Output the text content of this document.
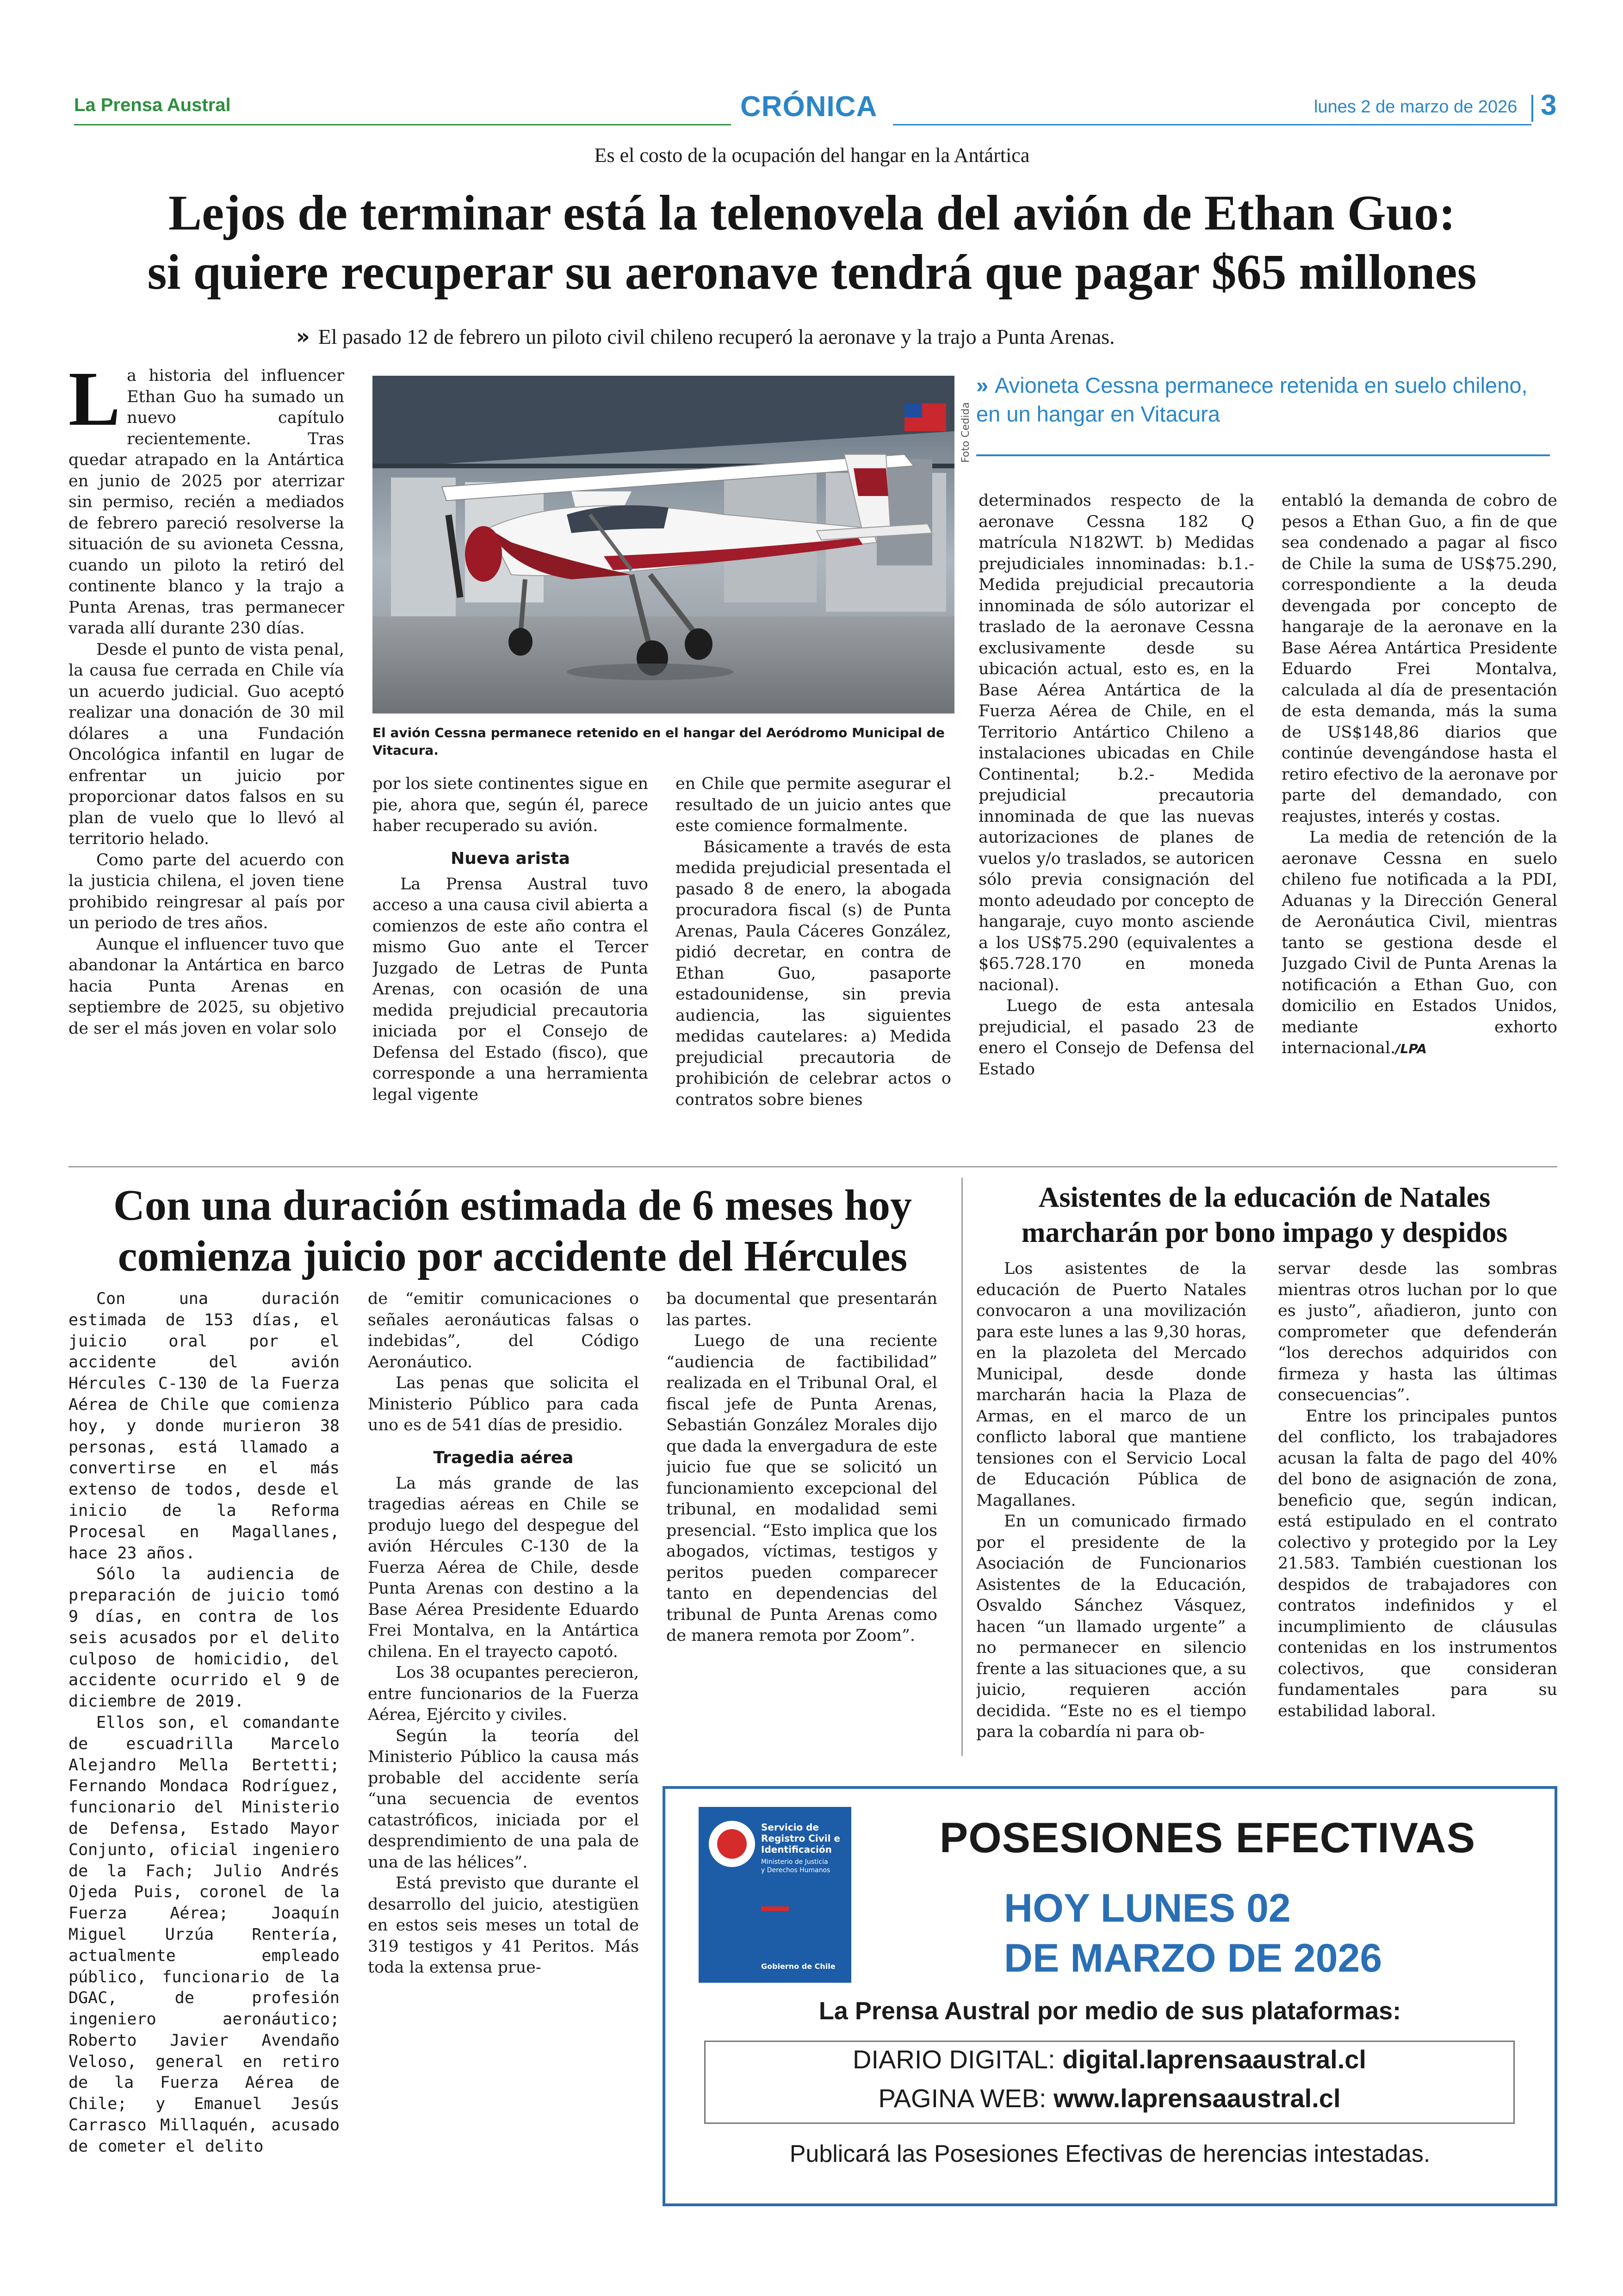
La Prensa Austral	CRÓNICA	lunes 2 de marzo de 2026 3
Es el costo de la ocupación del hangar en la Antártica
Lejos de terminar está la telenovela del avión de Ethan Guo:
si quiere recuperar su aeronave tendrá que pagar $65 millones
» El pasado 12 de febrero un piloto civil chileno recuperó la aeronave y la trajo a Punta Arenas.
L a historia del influencer Ethan Guo ha sumado un nuevo capítulo recientemente. Tras quedar atrapado en la Antártica en junio de 2025 por aterrizar sin permiso, recién a mediados de febrero pareció resolverse la situación de su avioneta Cessna, cuando un piloto la retiró del continente blanco y la trajo a Punta Arenas, tras permanecer varada allí durante 230 días.

Desde el punto de vista penal, la causa fue cerrada en Chile vía un acuerdo judicial. Guo aceptó realizar una donación de 30 mil dólares a una Fundación Oncológica infantil en lugar de enfrentar un juicio por proporcionar datos falsos en su plan de vuelo que lo llevó al territorio helado.

Como parte del acuerdo con la justicia chilena, el joven tiene prohibido reingresar al país por un periodo de tres años.

Aunque el influencer tuvo que abandonar la Antártica en barco hacia Punta Arenas en septiembre de 2025, su objetivo de ser el más joven en volar solo

Foto Cedida
El avión Cessna permanece retenido en el hangar del Aeródromo Municipal de Vitacura.
» Avioneta Cessna permanece retenida en suelo chileno, en un hangar en Vitacura

por los siete continentes sigue en pie, ahora que, según él, parece haber recuperado su avión.

Nueva arista

La Prensa Austral tuvo acceso a una causa civil abierta a comienzos de este año contra el mismo Guo ante el Tercer Juzgado de Letras de Punta Arenas, con ocasión de una medida prejudicial precautoria iniciada por el Consejo de Defensa del Estado (fisco), que corresponde a una herramienta legal vigente

en Chile que permite asegurar el resultado de un juicio antes que este comience formalmente.

Básicamente a través de esta medida prejudicial presentada el pasado 8 de enero, la abogada procuradora fiscal (s) de Punta Arenas, Paula Cáceres González, pidió decretar, en contra de Ethan Guo, pasaporte estadounidense, sin previa audiencia, las siguientes medidas cautelares: a) Medida prejudicial precautoria de prohibición de celebrar actos o contratos sobre bienes

determinados respecto de la aeronave Cessna 182 Q matrícula N182WT. b) Medidas prejudiciales innominadas: b.1.- Medida prejudicial precautoria innominada de sólo autorizar el traslado de la aeronave Cessna exclusivamente desde su ubicación actual, esto es, en la Base Aérea Antártica de la Fuerza Aérea de Chile, en el Territorio Antártico Chileno a instalaciones ubicadas en Chile Continental; b.2.- Medida prejudicial precautoria innominada de que las nuevas autorizaciones de planes de vuelos y/o traslados, se autoricen sólo previa consignación del monto adeudado por concepto de hangaraje, cuyo monto asciende a los US$75.290 (equivalentes a $65.728.170 en moneda nacional).

Luego de esta antesala prejudicial, el pasado 23 de enero el Consejo de Defensa del Estado

entabló la demanda de cobro de pesos a Ethan Guo, a fin de que sea condenado a pagar al fisco de Chile la suma de US$75.290, correspondiente a la deuda devengada por concepto de hangaraje de la aeronave en la Base Aérea Antártica Presidente Eduardo Frei Montalva, calculada al día de presentación de esta demanda, más la suma de US$148,86 diarios que continúe devengándose hasta el retiro efectivo de la aeronave por parte del demandado, con reajustes, interés y costas.

La media de retención de la aeronave Cessna en suelo chileno fue notificada a la PDI, Aduanas y la Dirección General de Aeronáutica Civil, mientras tanto se gestiona desde el Juzgado Civil de Punta Arenas la notificación a Ethan Guo, con domicilio en Estados Unidos, mediante exhorto internacional./LPA

Con una duración estimada de 6 meses hoy
comienza juicio por accidente del Hércules

Con una duración estimada de 153 días, el juicio oral por el accidente del avión Hércules C-130 de la Fuerza Aérea de Chile que comienza hoy, y donde murieron 38 personas, está llamado a convertirse en el más extenso de todos, desde el inicio de la Reforma Procesal en Magallanes, hace 23 años.

Sólo la audiencia de preparación de juicio tomó 9 días, en contra de los seis acusados por el delito culposo de homicidio, del accidente ocurrido el 9 de diciembre de 2019.

Ellos son, el comandante de escuadrilla Marcelo Alejandro Mella Bertetti; Fernando Mondaca Rodríguez, funcionario del Ministerio de Defensa, Estado Mayor Conjunto, oficial ingeniero de la Fach; Julio Andrés Ojeda Puis, coronel de la Fuerza Aérea; Joaquín Miguel Urzúa Rentería, actualmente empleado público, funcionario de la DGAC, de profesión ingeniero aeronáutico; Roberto Javier Avendaño Veloso, general en retiro de la Fuerza Aérea de Chile; y Emanuel Jesús Carrasco Millaquén, acusado de cometer el delito

de “emitir comunicaciones o señales aeronáuticas falsas o indebidas”, del Código Aeronáutico.

Las penas que solicita el Ministerio Público para cada uno es de 541 días de presidio.

Tragedia aérea

La más grande de las tragedias aéreas en Chile se produjo luego del despegue del avión Hércules C-130 de la Fuerza Aérea de Chile, desde Punta Arenas con destino a la Base Aérea Presidente Eduardo Frei Montalva, en la Antártica chilena. En el trayecto capotó.

Los 38 ocupantes perecieron, entre funcionarios de la Fuerza Aérea, Ejército y civiles.

Según la teoría del Ministerio Público la causa más probable del accidente sería “una secuencia de eventos catastróficos, iniciada por el desprendimiento de una pala de una de las hélices”.

Está previsto que durante el desarrollo del juicio, atestigüen en estos seis meses un total de 319 testigos y 41 Peritos. Más toda la extensa prue-

ba documental que presentarán las partes.

Luego de una reciente “audiencia de factibilidad” realizada en el Tribunal Oral, el fiscal jefe de Punta Arenas, Sebastián González Morales dijo que dada la envergadura de este juicio fue que se solicitó un funcionamiento excepcional del tribunal, en modalidad semi presencial. “Esto implica que los abogados, víctimas, testigos y peritos pueden comparecer tanto en dependencias del tribunal de Punta Arenas como de manera remota por Zoom”.

Asistentes de la educación de Natales
marcharán por bono impago y despidos

Los asistentes de la educación de Puerto Natales convocaron a una movilización para este lunes a las 9,30 horas, en la plazoleta del Mercado Municipal, desde donde marcharán hacia la Plaza de Armas, en el marco de un conflicto laboral que mantiene tensiones con el Servicio Local de Educación Pública de Magallanes.

En un comunicado firmado por el presidente de la Asociación de Funcionarios Asistentes de la Educación, Osvaldo Sánchez Vásquez, hacen “un llamado urgente” a no permanecer en silencio frente a las situaciones que, a su juicio, requieren acción decidida. “Este no es el tiempo para la cobardía ni para ob-

servar desde las sombras mientras otros luchan por lo que es justo”, añadieron, junto con comprometer que defenderán “los derechos adquiridos con firmeza y hasta las últimas consecuencias”.

Entre los principales puntos del conflicto, los trabajadores acusan la falta de pago del 40% del bono de asignación de zona, beneficio que, según indican, está estipulado en el contrato colectivo y protegido por la Ley 21.583. También cuestionan los despidos de trabajadores con contratos indefinidos y el incumplimiento de cláusulas contenidas en los instrumentos colectivos, que consideran fundamentales para su estabilidad laboral.

Servicio de
Registro Civil e
Identificación
Ministerio de Justicia
y Derechos Humanos
Gobierno de Chile
POSESIONES EFECTIVAS
HOY LUNES 02
DE MARZO DE 2026
La Prensa Austral por medio de sus plataformas:
DIARIO DIGITAL: digital.laprensaaustral.cl
PAGINA WEB: www.laprensaaustral.cl
Publicará las Posesiones Efectivas de herencias intestadas.
